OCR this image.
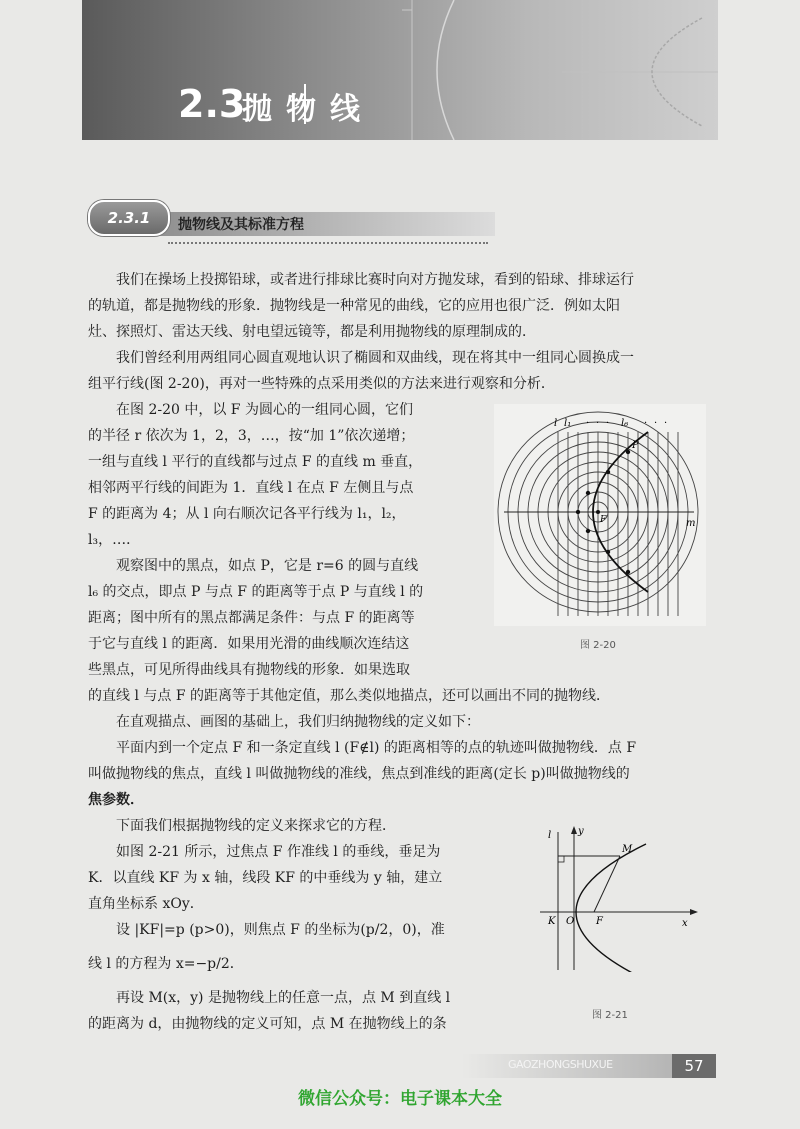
2.3
抛物线
2.3.1	抛物线及其标准方程

我们在操场上投掷铅球，或者进行排球比赛时向对方抛发球，看到的铅球、排球运行

的轨道，都是抛物线的形象．抛物线是一种常见的曲线，它的应用也很广泛．例如太阳

灶、探照灯、雷达天线、射电望远镜等，都是利用抛物线的原理制成的．

我们曾经利用两组同心圆直观地认识了椭圆和双曲线，现在将其中一组同心圆换成一

组平行线(图 2-20)，再对一些特殊的点采用类似的方法来进行观察和分析．

在图 2-20 中，以 F 为圆心的一组同心圆，它们

的半径 r 依次为 1，2，3，…，按“加 1”依次递增；

一组与直线 l 平行的直线都与过点 F 的直线 m 垂直，

相邻两平行线的间距为 1．直线 l 在点 F 左侧且与点

F 的距离为 4；从 l 向右顺次记各平行线为 l₁，l₂，

l₃，…．

观察图中的黑点，如点 P，它是 r=6 的圆与直线

l₆ 的交点，即点 P 与点 F 的距离等于点 P 与直线 l 的

距离；图中所有的黑点都满足条件：与点 F 的距离等

于它与直线 l 的距离．如果用光滑的曲线顺次连结这

些黑点，可见所得曲线具有抛物线的形象．如果选取

的直线 l 与点 F 的距离等于其他定值，那么类似地描点，还可以画出不同的抛物线．

在直观描点、画图的基础上，我们归纳抛物线的定义如下：

平面内到一个定点 F 和一条定直线 l (F∉l) 的距离相等的点的轨迹叫做抛物线．点 F

叫做抛物线的焦点，直线 l 叫做抛物线的准线，焦点到准线的距离(定长 p)叫做抛物线的

焦参数．

下面我们根据抛物线的定义来探求它的方程．

如图 2-21 所示，过焦点 F 作准线 l 的垂线，垂足为

K．以直线 KF 为 x 轴，线段 KF 的中垂线为 y 轴，建立

直角坐标系 xOy．

设 |KF|=p (p>0)，则焦点 F 的坐标为(p/2，0)，准

线 l 的方程为 x=−p/2．

再设 M(x，y) 是抛物线上的任意一点，点 M 到直线 l

的距离为 d，由抛物线的定义可知，点 M 在抛物线上的条

l l₁ · · · l₆ · · ·
P
F	m
图 2-20
l	y
M
K O F	x
图 2-21
GAOZHONGSHUXUE	57
微信公众号：电子课本大全
